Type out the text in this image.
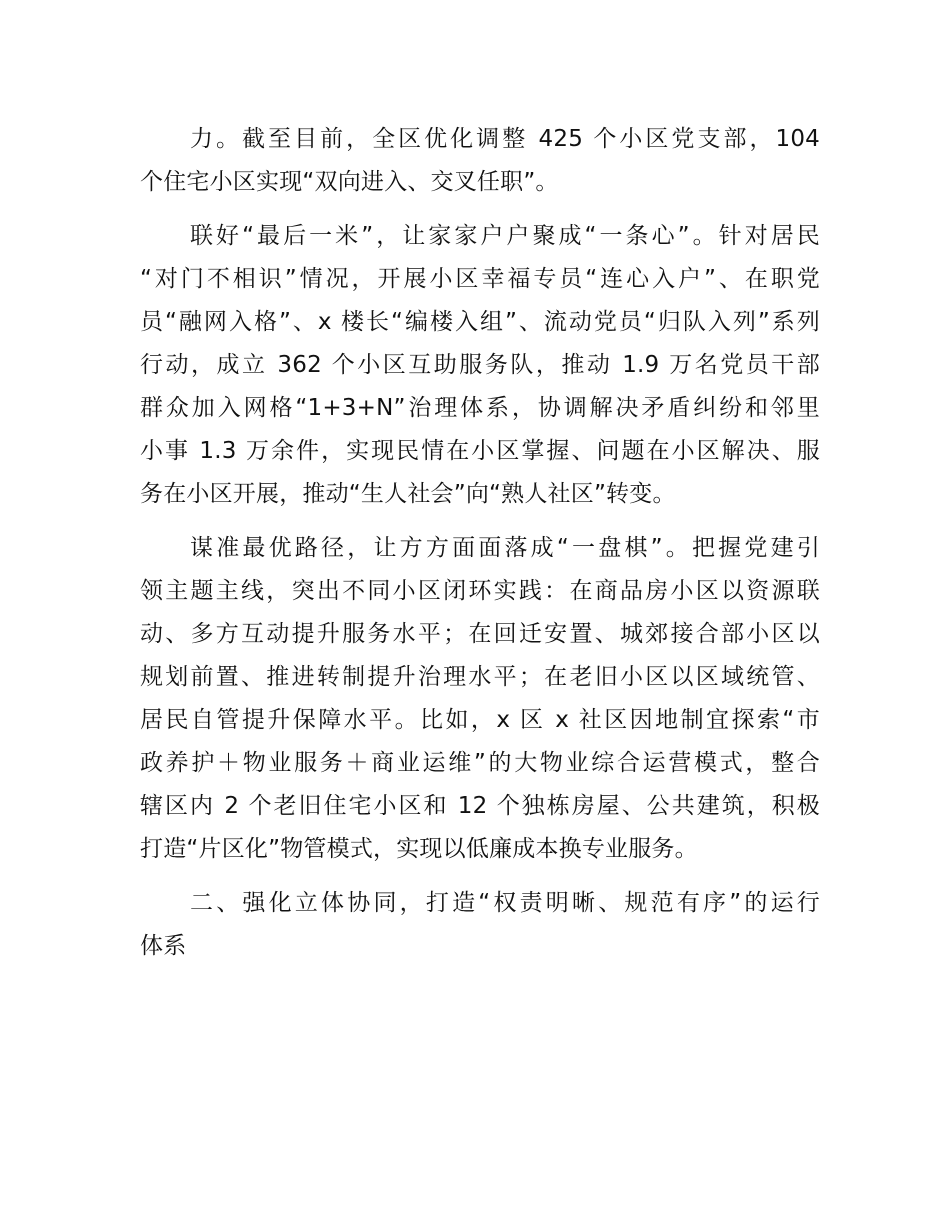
力。截至目前，全区优化调整 425 个小区党支部，104
个住宅小区实现“双向进入、交叉任职”。
联好“最后一米”，让家家户户聚成“一条心”。针对居民
“对门不相识”情况，开展小区幸福专员“连心入户”、在职党
员“融网入格”、x 楼长“编楼入组”、流动党员“归队入列”系列
行动，成立 362 个小区互助服务队，推动 1.9 万名党员干部
群众加入网格“1+3+N”治理体系，协调解决矛盾纠纷和邻里
小事 1.3 万余件，实现民情在小区掌握、问题在小区解决、服
务在小区开展，推动“生人社会”向“熟人社区”转变。
谋准最优路径，让方方面面落成“一盘棋”。把握党建引
领主题主线，突出不同小区闭环实践：在商品房小区以资源联
动、多方互动提升服务水平；在回迁安置、城郊接合部小区以
规划前置、推进转制提升治理水平；在老旧小区以区域统管、
居民自管提升保障水平。比如，x 区 x 社区因地制宜探索“市
政养护＋物业服务＋商业运维”的大物业综合运营模式，整合
辖区内 2 个老旧住宅小区和 12 个独栋房屋、公共建筑，积极
打造“片区化”物管模式，实现以低廉成本换专业服务。
二、强化立体协同，打造“权责明晰、规范有序”的运行
体系
